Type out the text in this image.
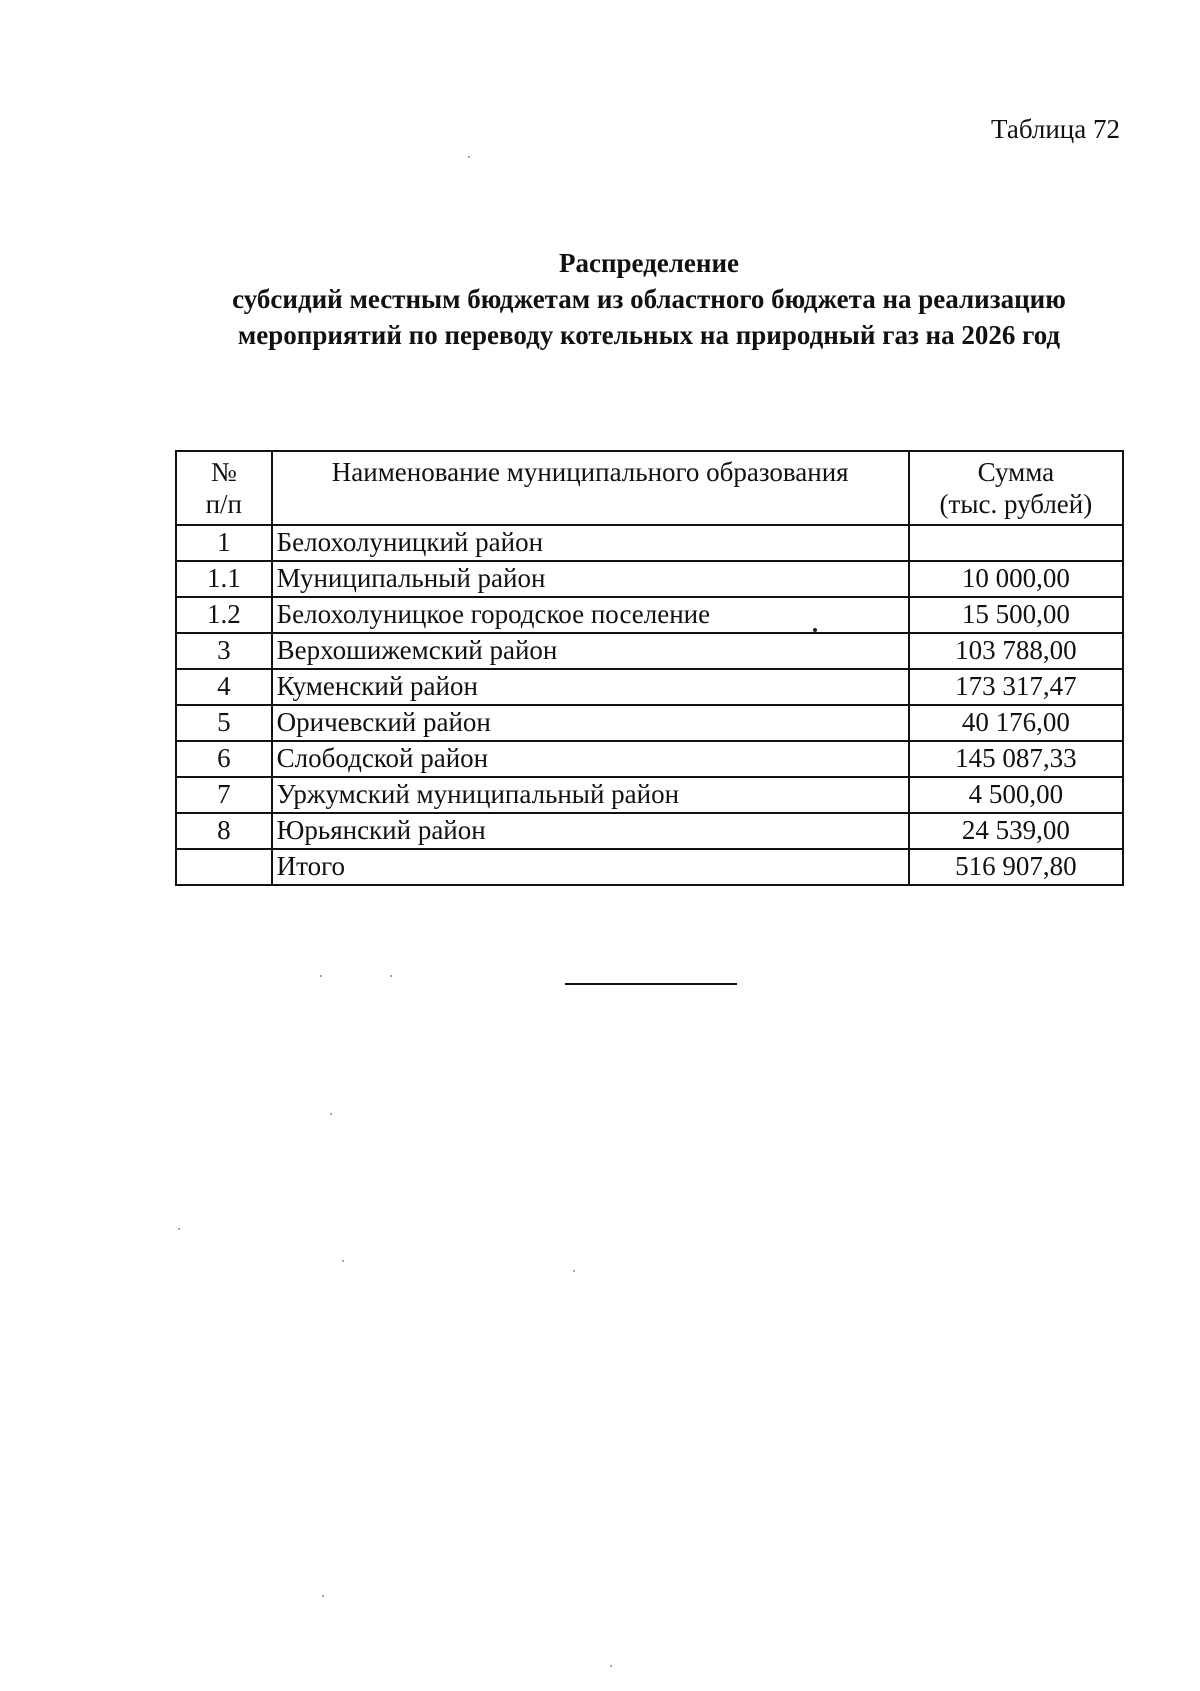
Таблица 72
Распределение
субсидий местным бюджетам из областного бюджета на реализацию
мероприятий по переводу котельных на природный газ на 2026 год
№
п/п	Наименование муниципального образования	Сумма
(тыс. рублей)

1	Белохолуницкий район	
1.1	Муниципальный район	10 000,00
1.2	Белохолуницкое городское поселение	15 500,00
3	Верхошижемский район	103 788,00
4	Куменский район	173 317,47
5	Оричевский район	40 176,00
6	Слободской район	145 087,33
7	Уржумский муниципальный район	4 500,00
8	Юрьянский район	24 539,00
	Итого	516 907,80
